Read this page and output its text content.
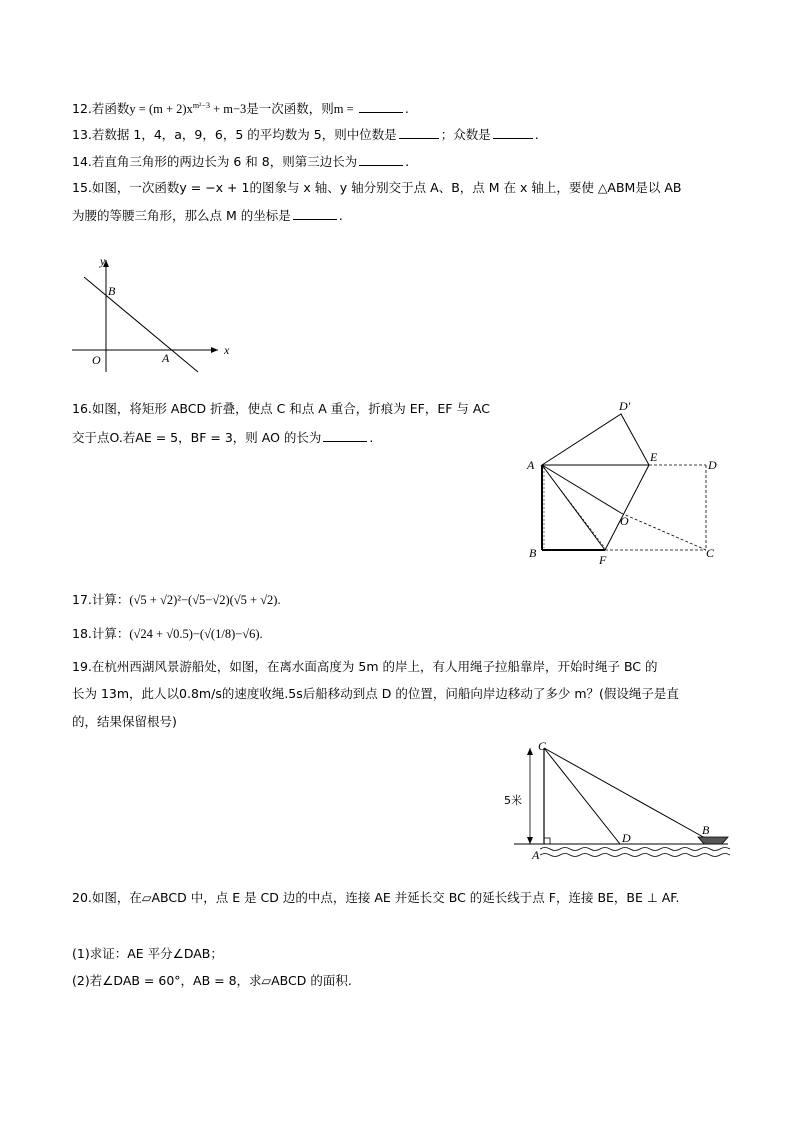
12.若函数$y = (m + 2)x^{m^2-3} + m-3$是一次函数，则m =	.
13.若数据 1，4，a，9，6，5 的平均数为 5，则中位数是	；众数是	.
14.若直角三角形的两边长为 6 和 8，则第三边长为	.
15.如图，一次函数y = −x + 1的图象与 x 轴、y 轴分别交于点 A、B，点 M 在 x 轴上，要使 △ABM是以 AB
为腰的等腰三角形，那么点 M 的坐标是	.
y
x
B
O	A
16.如图，将矩形 ABCD 折叠，使点 C 和点 A 重合，折痕为 EF，EF 与 AC
交于点O.若AE = 5，BF = 3，则 AO 的长为	.
D′
A
E
D
O
B	F	C
17.计算：(√5 + √2)²−(√5−√2)(√5 + √2).
18.计算：(√24 + √0.5)−(√(1/8)−√6).
19.在杭州西湖风景游船处，如图，在离水面高度为 5m 的岸上，有人用绳子拉船靠岸，开始时绳子 BC 的
长为 13m，此人以0.8m/s的速度收绳.5s后船移动到点 D 的位置，问船向岸边移动了多少 m？(假设绳子是直
的，结果保留根号)
C
5米
D
B
A
20.如图，在▱ABCD 中，点 E 是 CD 边的中点，连接 AE 并延长交 BC 的延长线于点 F，连接 BE，BE ⊥ AF.
(1)求证：AE 平分∠DAB；
(2)若∠DAB = 60°，AB = 8，求▱ABCD 的面积.
